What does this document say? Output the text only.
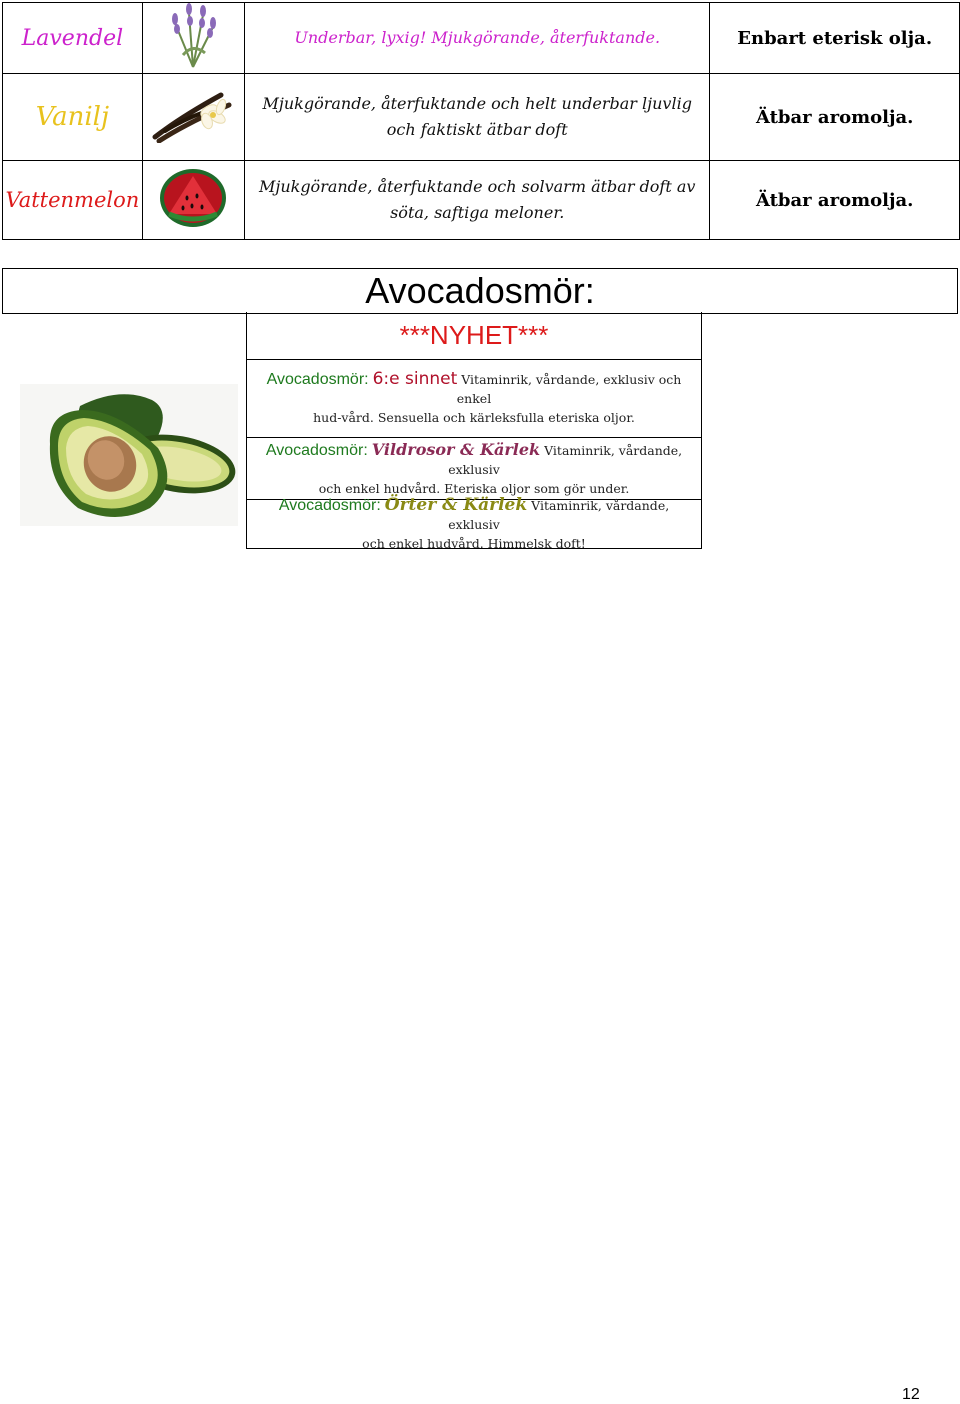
Lavendel		Underbar, lyxig! Mjukgörande, återfuktande.	Enbart eterisk olja.
Vanilj		Mjukgörande, återfuktande och helt underbar ljuvlig och faktiskt ätbar doft	Ätbar aromolja.
Vattenmelon		Mjukgörande, återfuktande och solvarm ätbar doft av söta, saftiga meloner.	Ätbar aromolja.
Avocadosmör:
***NYHET***
Avocadosmör: 6:e sinnet Vitaminrik, vårdande, exklusiv och enkel
hud-vård. Sensuella och kärleksfulla eteriska oljor.
Avocadosmör: Vildrosor & Kärlek Vitaminrik, vårdande, exklusiv
och enkel hudvård. Eteriska oljor som gör under.
Avocadosmör: Örter & Kärlek Vitaminrik, vårdande, exklusiv
och enkel hudvård. Himmelsk doft!
12
